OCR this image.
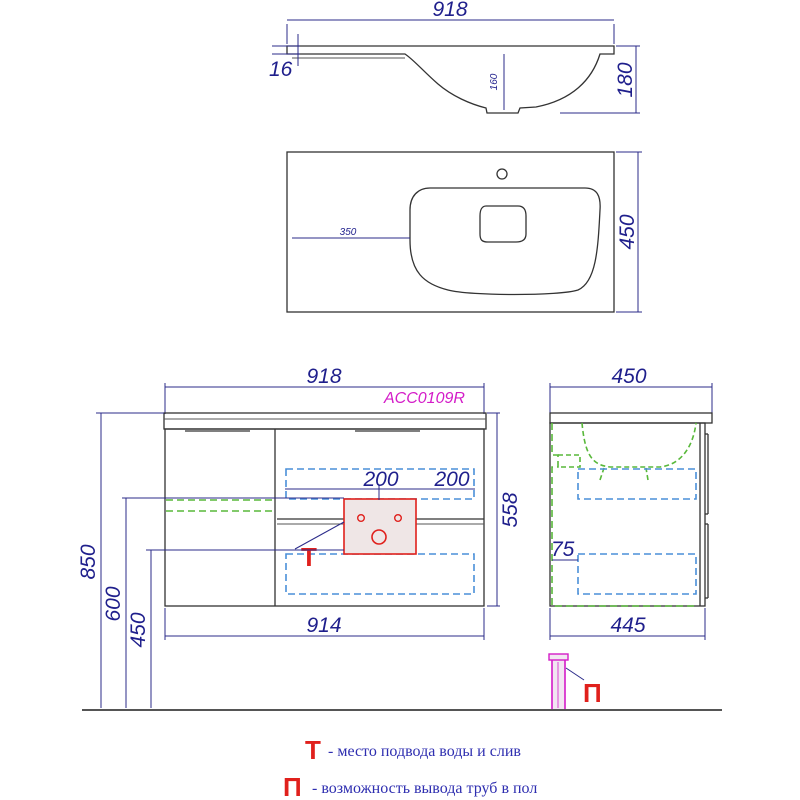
918
16
160	180
350	450
918
ACC0109R
200 200
Т
914
558
850
600
450
450
75
445
П
Т - место подвода воды и слив
П - возможность вывода труб в пол
